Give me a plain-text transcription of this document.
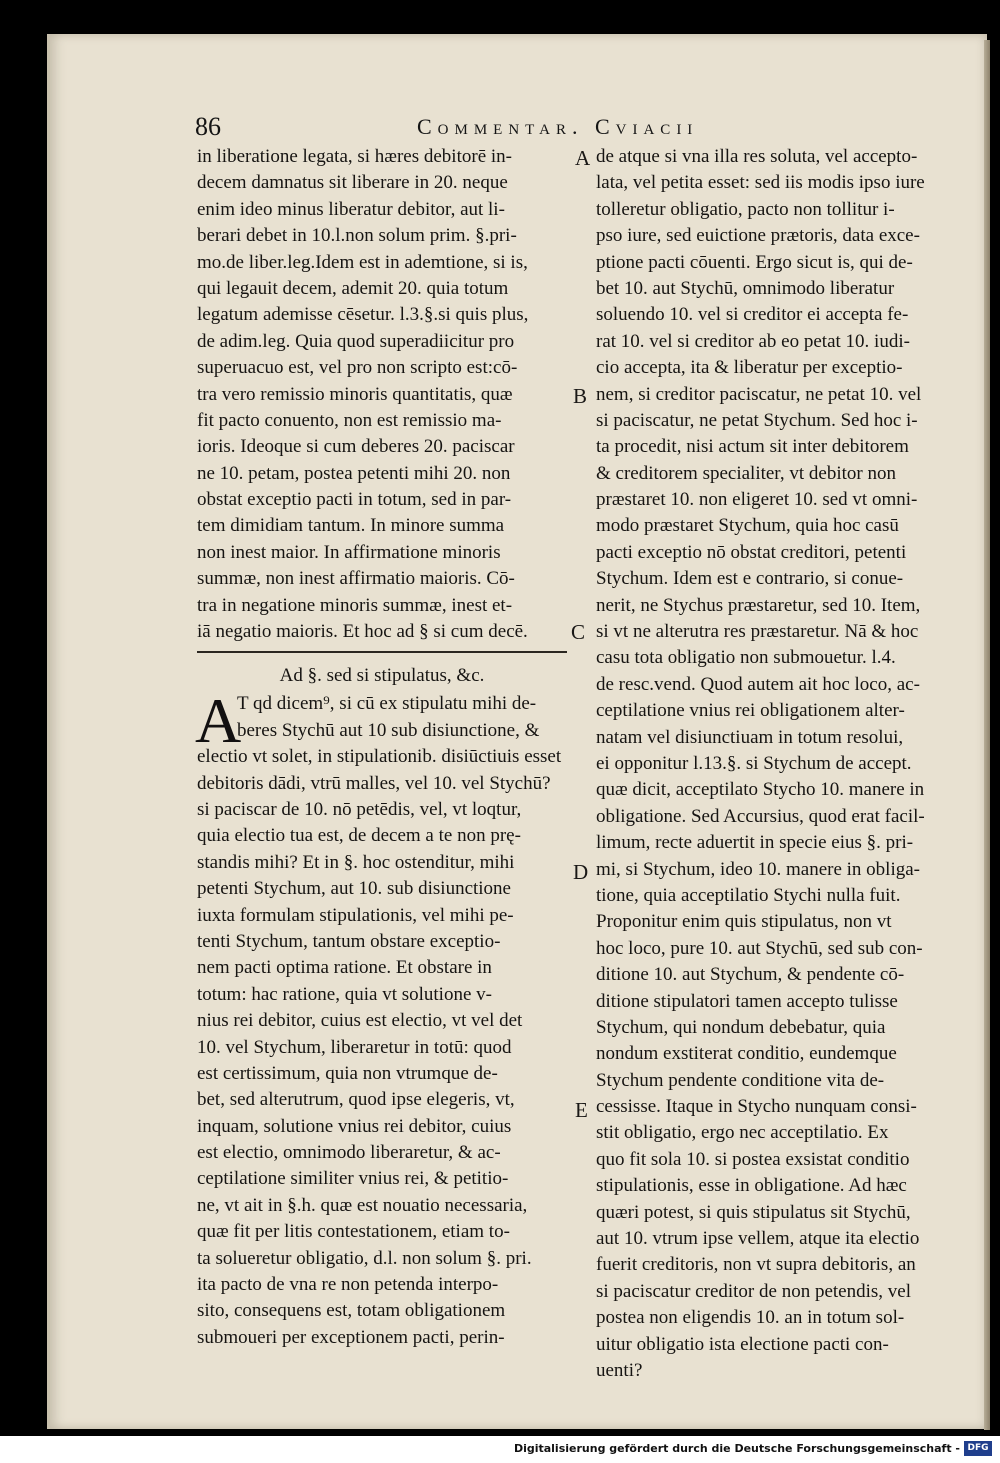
86	Commentar. Cviacii
in liberatione legata, si hæres debitorē in-
decem damnatus sit liberare in 20. neque
enim ideo minus liberatur debitor, aut li-
berari debet in 10.l.non solum prim. §.pri-
mo.de liber.leg.Idem est in ademtione, si is,
qui legauit decem, ademit 20. quia totum
legatum ademisse cēsetur. l.3.§.si quis plus,
de adim.leg. Quia quod superadiicitur pro
superuacuo est, vel pro non scripto est:cō-
tra vero remissio minoris quantitatis, quæ
fit pacto conuento, non est remissio ma-
ioris. Ideoque si cum deberes 20. paciscar
ne 10. petam, postea petenti mihi 20. non
obstat exceptio pacti in totum, sed in par-
tem dimidiam tantum. In minore summa
non inest maior. In affirmatione minoris
summæ, non inest affirmatio maioris. Cō-
tra in negatione minoris summæ, inest et-
iā negatio maioris. Et hoc ad § si cum decē.
Ad §. sed si stipulatus, &c.
A
T qd dicem⁹, si cū ex stipulatu mihi de-
beres Stychū aut 10 sub disiunctione, &
electio vt solet, in stipulationib. disiūctiuis esset
debitoris dādi, vtrū malles, vel 10. vel Stychū?
si paciscar de 10. nō petēdis, vel, vt loqtur,
quia electio tua est, de decem a te non prę-
standis mihi? Et in §. hoc ostenditur, mihi
petenti Stychum, aut 10. sub disiunctione
iuxta formulam stipulationis, vel mihi pe-
tenti Stychum, tantum obstare exceptio-
nem pacti optima ratione. Et obstare in
totum: hac ratione, quia vt solutione v-
nius rei debitor, cuius est electio, vt vel det
10. vel Stychum, liberaretur in totū: quod
est certissimum, quia non vtrumque de-
bet, sed alterutrum, quod ipse elegeris, vt,
inquam, solutione vnius rei debitor, cuius
est electio, omnimodo liberaretur, & ac-
ceptilatione similiter vnius rei, & petitio-
ne, vt ait in §.h. quæ est nouatio necessaria,
quæ fit per litis contestationem, etiam to-
ta solueretur obligatio, d.l. non solum §. pri.
ita pacto de vna re non petenda interpo-
sito, consequens est, totam obligationem
submoueri per exceptionem pacti, perin-
de atque si vna illa res soluta, vel accepto-
lata, vel petita esset: sed iis modis ipso iure
tolleretur obligatio, pacto non tollitur i-
pso iure, sed euictione prætoris, data exce-
ptione pacti cōuenti. Ergo sicut is, qui de-
bet 10. aut Stychū, omnimodo liberatur
soluendo 10. vel si creditor ei accepta fe-
rat 10. vel si creditor ab eo petat 10. iudi-
cio accepta, ita & liberatur per exceptio-
nem, si creditor paciscatur, ne petat 10. vel
si paciscatur, ne petat Stychum. Sed hoc i-
ta procedit, nisi actum sit inter debitorem
& creditorem specialiter, vt debitor non
præstaret 10. non eligeret 10. sed vt omni-
modo præstaret Stychum, quia hoc casū
pacti exceptio nō obstat creditori, petenti
Stychum. Idem est e contrario, si conue-
nerit, ne Stychus præstaretur, sed 10. Item,
si vt ne alterutra res præstaretur. Nā & hoc
casu tota obligatio non submouetur. l.4.
de resc.vend. Quod autem ait hoc loco, ac-
ceptilatione vnius rei obligationem alter-
natam vel disiunctiuam in totum resolui,
ei opponitur l.13.§. si Stychum de accept.
quæ dicit, acceptilato Stycho 10. manere in
obligatione. Sed Accursius, quod erat facil-
limum, recte aduertit in specie eius §. pri-
mi, si Stychum, ideo 10. manere in obliga-
tione, quia acceptilatio Stychi nulla fuit.
Proponitur enim quis stipulatus, non vt
hoc loco, pure 10. aut Stychū, sed sub con-
ditione 10. aut Stychum, & pendente cō-
ditione stipulatori tamen accepto tulisse
Stychum, qui nondum debebatur, quia
nondum exstiterat conditio, eundemque
Stychum pendente conditione vita de-
cessisse. Itaque in Stycho nunquam consi-
stit obligatio, ergo nec acceptilatio. Ex
quo fit sola 10. si postea exsistat conditio
stipulationis, esse in obligatione. Ad hæc
quæri potest, si quis stipulatus sit Stychū,
aut 10. vtrum ipse vellem, atque ita electio
fuerit creditoris, non vt supra debitoris, an
si paciscatur creditor de non petendis, vel
postea non eligendis 10. an in totum sol-
uitur obligatio ista electione pacti con-
uenti?
A
B
C
D
E
Digitalisierung gefördert durch die Deutsche Forschungsgemeinschaft - DFG
